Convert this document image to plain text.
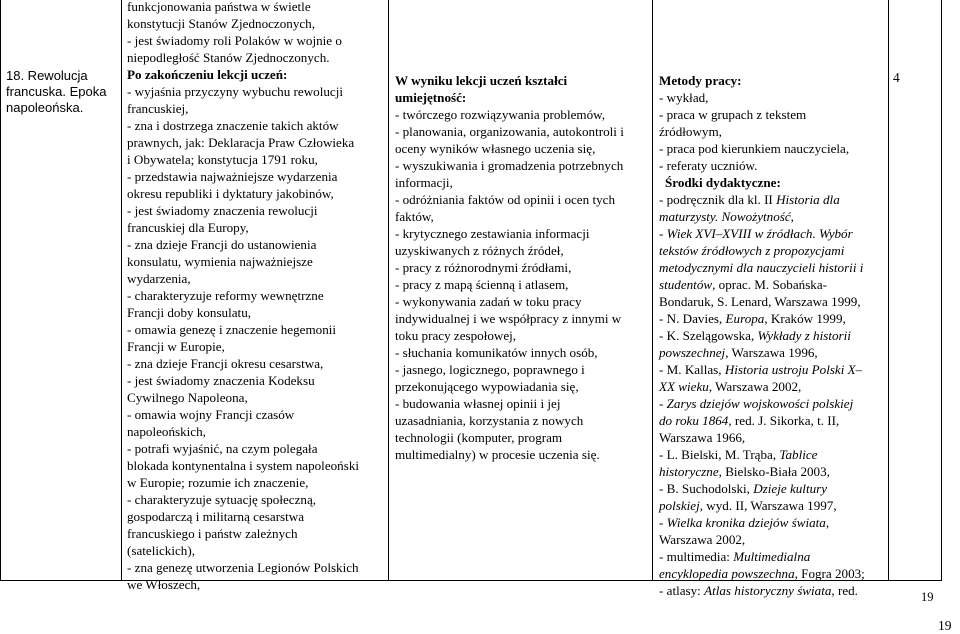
18. Rewolucja
francuska. Epoka
napoleońska.
funkcjonowania państwa w świetle
konstytucji Stanów Zjednoczonych,
- jest świadomy roli Polaków w wojnie o
niepodległość Stanów Zjednoczonych.
Po zakończeniu lekcji uczeń:
- wyjaśnia przyczyny wybuchu rewolucji
francuskiej,
- zna i dostrzega znaczenie takich aktów
prawnych, jak: Deklaracja Praw Człowieka
i Obywatela; konstytucja 1791 roku,
- przedstawia najważniejsze wydarzenia
okresu republiki i dyktatury jakobinów,
- jest świadomy znaczenia rewolucji
francuskiej dla Europy,
- zna dzieje Francji do ustanowienia
konsulatu, wymienia najważniejsze
wydarzenia,
- charakteryzuje reformy wewnętrzne
Francji doby konsulatu,
- omawia genezę i znaczenie hegemonii
Francji w Europie,
- zna dzieje Francji okresu cesarstwa,
- jest świadomy znaczenia Kodeksu
Cywilnego Napoleona,
- omawia wojny Francji czasów
napoleońskich,
- potrafi wyjaśnić, na czym polegała
blokada kontynentalna i system napoleoński
w Europie; rozumie ich znaczenie,
- charakteryzuje sytuację społeczną,
gospodarczą i militarną cesarstwa
francuskiego i państw zależnych
(satelickich),
- zna genezę utworzenia Legionów Polskich
we Włoszech,
W wyniku lekcji uczeń kształci
umiejętność:
- twórczego rozwiązywania problemów,
- planowania, organizowania, autokontroli i
oceny wyników własnego uczenia się,
- wyszukiwania i gromadzenia potrzebnych
informacji,
- odróżniania faktów od opinii i ocen tych
faktów,
- krytycznego zestawiania informacji
uzyskiwanych z różnych źródeł,
- pracy z różnorodnymi źródłami,
- pracy z mapą ścienną i atlasem,
- wykonywania zadań w toku pracy
indywidualnej i we współpracy z innymi w
toku pracy zespołowej,
- słuchania komunikatów innych osób,
- jasnego, logicznego, poprawnego i
przekonującego wypowiadania się,
- budowania własnej opinii i jej
uzasadniania, korzystania z nowych
technologii (komputer, program
multimedialny) w procesie uczenia się.
Metody pracy:
- wykład,
- praca w grupach z tekstem
źródłowym,
- praca pod kierunkiem nauczyciela,
- referaty uczniów.
Środki dydaktyczne:
- podręcznik dla kl. II Historia dla
maturzysty. Nowożytność,
- Wiek XVI–XVIII w źródłach. Wybór
tekstów źródłowych z propozycjami
metodycznymi dla nauczycieli historii i
studentów, oprac. M. Sobańska-
Bondaruk, S. Lenard, Warszawa 1999,
- N. Davies, Europa, Kraków 1999,
- K. Szelągowska, Wykłady z historii
powszechnej, Warszawa 1996,
- M. Kallas, Historia ustroju Polski X–
XX wieku, Warszawa 2002,
- Zarys dziejów wojskowości polskiej
do roku 1864, red. J. Sikorka, t. II,
Warszawa 1966,
- L. Bielski, M. Trąba, Tablice
historyczne, Bielsko-Biała 2003,
- B. Suchodolski, Dzieje kultury
polskiej, wyd. II, Warszawa 1997,
- Wielka kronika dziejów świata,
Warszawa 2002,
- multimedia: Multimedialna
encyklopedia powszechna, Fogra 2003;
- atlasy: Atlas historyczny świata, red.
4
19
19
